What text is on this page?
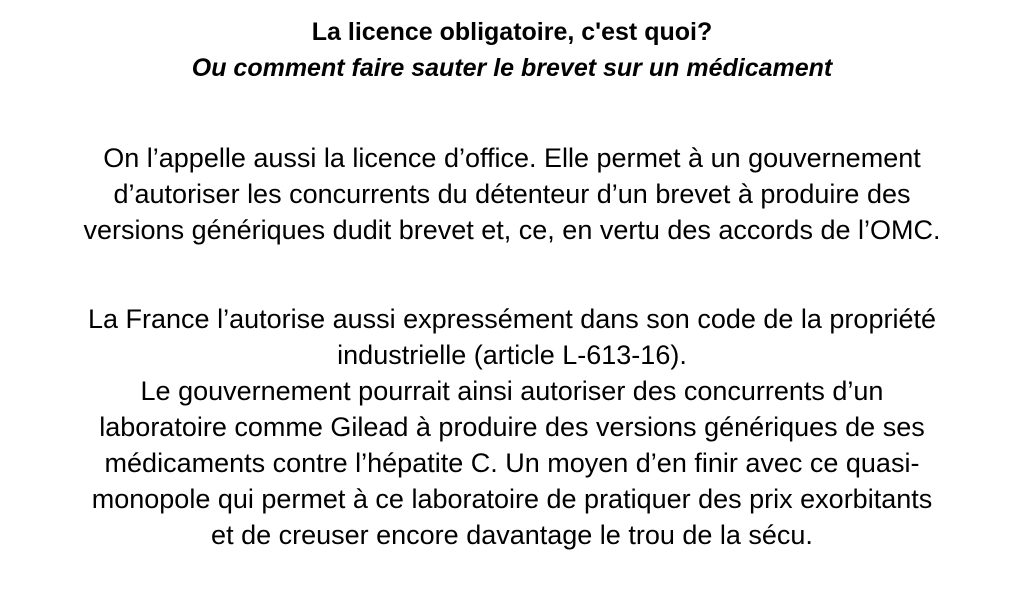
La licence obligatoire, c'est quoi?

Ou comment faire sauter le brevet sur un médicament

On l’appelle aussi la licence d’office. Elle permet à un gouvernement
d’autoriser les concurrents du détenteur d’un brevet à produire des
versions génériques dudit brevet et, ce, en vertu des accords de l’OMC.
La France l’autorise aussi expressément dans son code de la propriété
industrielle (article L-613-16).
Le gouvernement pourrait ainsi autoriser des concurrents d’un
laboratoire comme Gilead à produire des versions génériques de ses
médicaments contre l’hépatite C. Un moyen d’en finir avec ce quasi-
monopole qui permet à ce laboratoire de pratiquer des prix exorbitants
et de creuser encore davantage le trou de la sécu.
